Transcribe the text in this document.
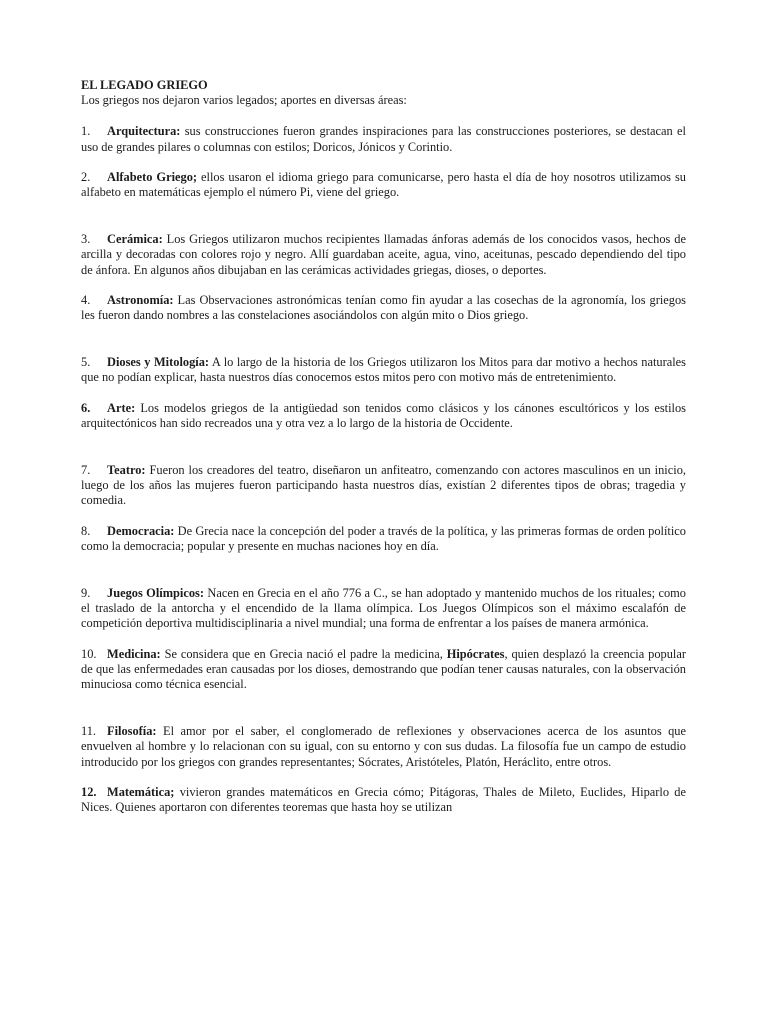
EL LEGADO GRIEGO

Los griegos nos dejaron varios legados; aportes en diversas áreas:

1. Arquitectura: sus construcciones fueron grandes inspiraciones para las construcciones posteriores, se destacan el uso de grandes pilares o columnas con estilos; Doricos, Jónicos y Corintio.

2. Alfabeto Griego; ellos usaron el idioma griego para comunicarse, pero hasta el día de hoy nosotros utilizamos su alfabeto en matemáticas ejemplo el número Pi, viene del griego.

3. Cerámica: Los Griegos utilizaron muchos recipientes llamadas ánforas además de los conocidos vasos, hechos de arcilla y decoradas con colores rojo y negro. Allí guardaban aceite, agua, vino, aceitunas, pescado dependiendo del tipo de ánfora. En algunos años dibujaban en las cerámicas actividades griegas, dioses, o deportes.

4. Astronomía: Las Observaciones astronómicas tenían como fin ayudar a las cosechas de la agronomía, los griegos les fueron dando nombres a las constelaciones asociándolos con algún mito o Dios griego.

5. Dioses y Mitología: A lo largo de la historia de los Griegos utilizaron los Mitos para dar motivo a hechos naturales que no podían explicar, hasta nuestros días conocemos estos mitos pero con motivo más de entretenimiento.

6. Arte: Los modelos griegos de la antigüedad son tenidos como clásicos y los cánones escultóricos y los estilos arquitectónicos han sido recreados una y otra vez a lo largo de la historia de Occidente.

7. Teatro: Fueron los creadores del teatro, diseñaron un anfiteatro, comenzando con actores masculinos en un inicio, luego de los años las mujeres fueron participando hasta nuestros días, existían 2 diferentes tipos de obras; tragedia y comedia.

8. Democracia: De Grecia nace la concepción del poder a través de la política, y las primeras formas de orden político como la democracia; popular y presente en muchas naciones hoy en día.

9. Juegos Olímpicos: Nacen en Grecia en el año 776 a C., se han adoptado y mantenido muchos de los rituales; como el traslado de la antorcha y el encendido de la llama olímpica. Los Juegos Olímpicos son el máximo escalafón de competición deportiva multidisciplinaria a nivel mundial; una forma de enfrentar a los países de manera armónica.

10. Medicina: Se considera que en Grecia nació el padre la medicina, Hipócrates, quien desplazó la creencia popular de que las enfermedades eran causadas por los dioses, demostrando que podían tener causas naturales, con la observación minuciosa como técnica esencial.

11. Filosofía: El amor por el saber, el conglomerado de reflexiones y observaciones acerca de los asuntos que envuelven al hombre y lo relacionan con su igual, con su entorno y con sus dudas. La filosofía fue un campo de estudio introducido por los griegos con grandes representantes; Sócrates, Aristóteles, Platón, Heráclito, entre otros.

12. Matemática; vivieron grandes matemáticos en Grecia cómo; Pitágoras, Thales de Mileto, Euclides, Hiparlo de Nices. Quienes aportaron con diferentes teoremas que hasta hoy se utilizan
